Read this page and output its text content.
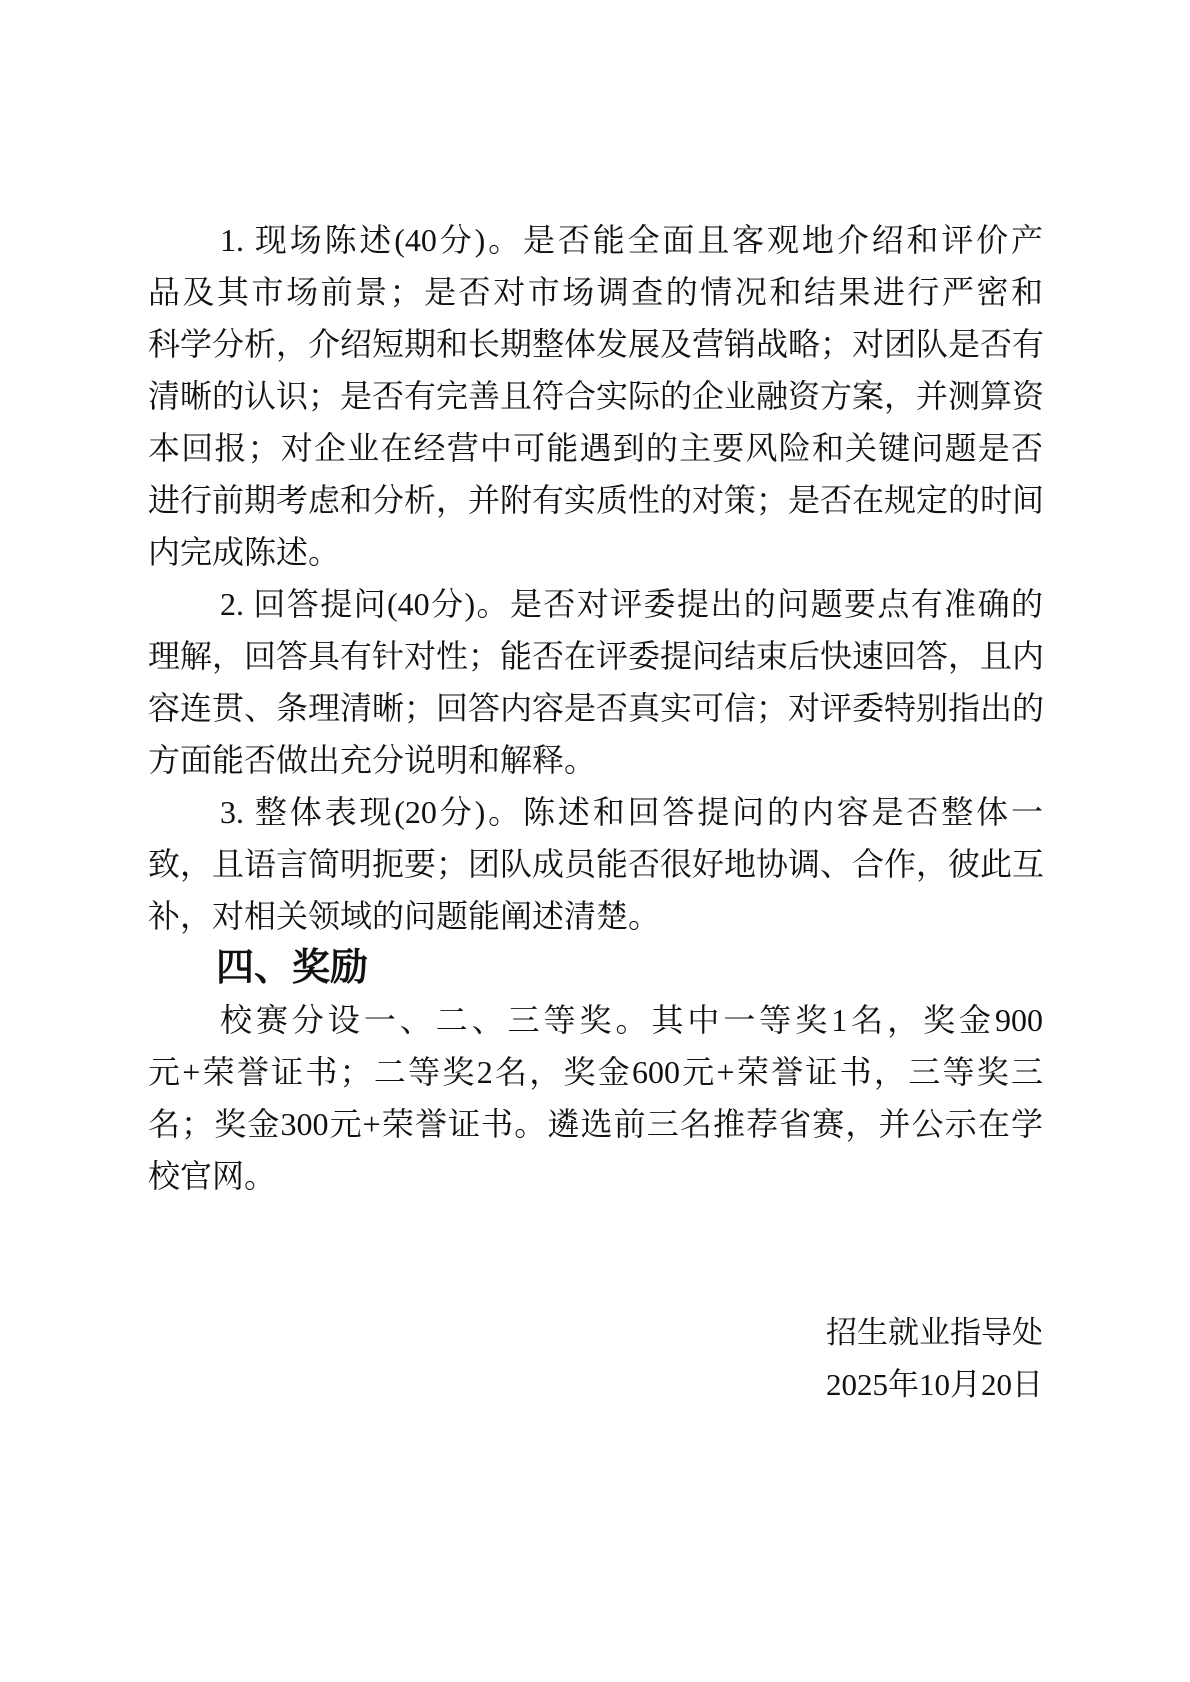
1. 现场陈述(40分)。是否能全面且客观地介绍和评价产
品及其市场前景；是否对市场调查的情况和结果进行严密和
科学分析，介绍短期和长期整体发展及营销战略；对团队是否有
清晰的认识；是否有完善且符合实际的企业融资方案，并测算资
本回报；对企业在经营中可能遇到的主要风险和关键问题是否
进行前期考虑和分析，并附有实质性的对策；是否在规定的时间
内完成陈述。
2. 回答提问(40分)。是否对评委提出的问题要点有准确的
理解，回答具有针对性；能否在评委提问结束后快速回答，且内
容连贯、条理清晰；回答内容是否真实可信；对评委特别指出的
方面能否做出充分说明和解释。
3. 整体表现(20分)。陈述和回答提问的内容是否整体一
致，且语言简明扼要；团队成员能否很好地协调、合作，彼此互
补，对相关领域的问题能阐述清楚。
四、奖励
校赛分设一、二、三等奖。其中一等奖1名，奖金900
元+荣誉证书；二等奖2名，奖金600元+荣誉证书，三等奖三
名；奖金300元+荣誉证书。遴选前三名推荐省赛，并公示在学
校官网。
招生就业指导处
2025年10月20日
